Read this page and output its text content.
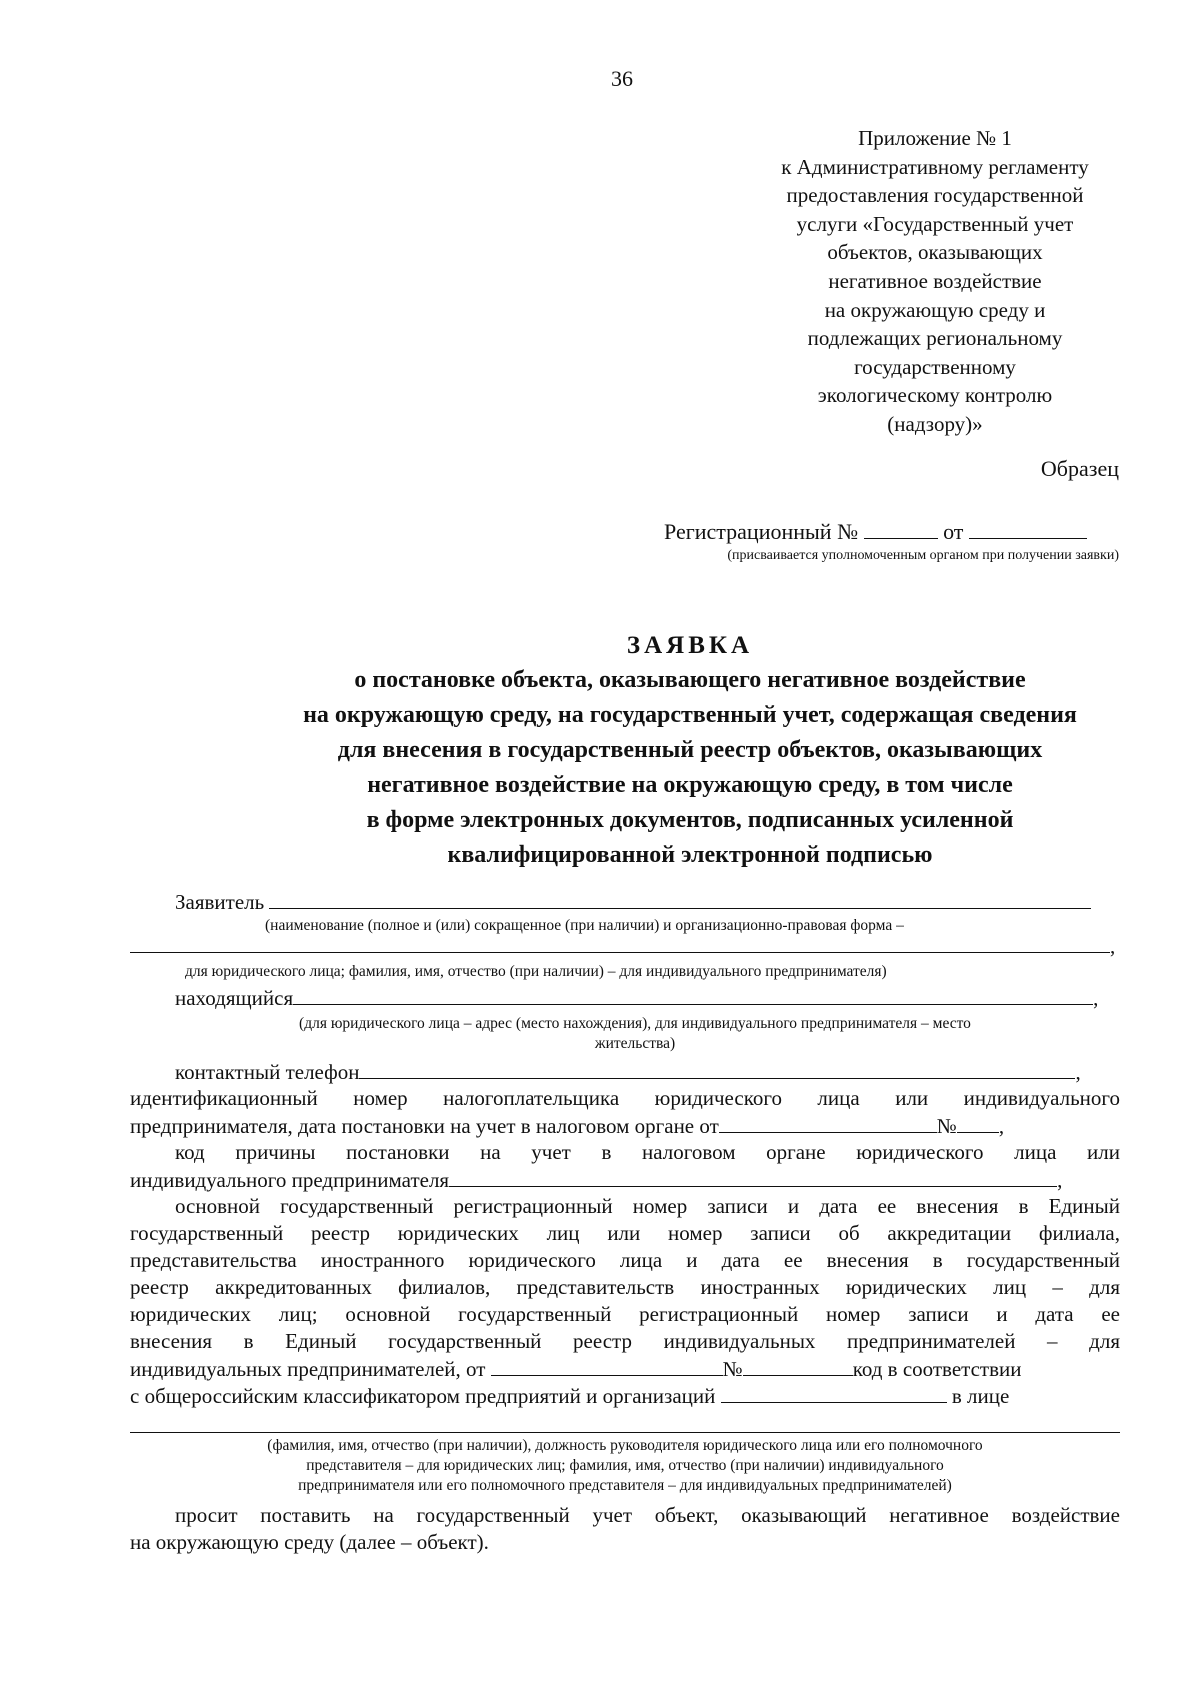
36
Приложение № 1
к Административному регламенту
предоставления государственной
услуги «Государственный учет
объектов, оказывающих
негативное воздействие
на окружающую среду и
подлежащих региональному
государственному
экологическому контролю
(надзору)»
Образец
Регистрационный №	от
(присваивается уполномоченным органом при получении заявки)
ЗАЯВКА
о постановке объекта, оказывающего негативное воздействие
на окружающую среду, на государственный учет, содержащая сведения
для внесения в государственный реестр объектов, оказывающих
негативное воздействие на окружающую среду, в том числе
в форме электронных документов, подписанных усиленной
квалифицированной электронной подписью
Заявитель
(наименование (полное и (или) сокращенное (при наличии) и организационно-правовая форма –
,
для юридического лица; фамилия, имя, отчество (при наличии) – для индивидуального предпринимателя)
находящийся	,
(для юридического лица – адрес (место нахождения), для индивидуального предпринимателя – место
жительства)
контактный телефон	,
идентификационный номер налогоплательщика юридического лица или индивидуального
предпринимателя, дата постановки на учет в налоговом органе от	№ ,
код причины постановки на учет в налоговом органе юридического лица или
индивидуального предпринимателя	,
основной государственный регистрационный номер записи и дата ее внесения в Единый
государственный реестр юридических лиц или номер записи об аккредитации филиала,
представительства иностранного юридического лица и дата ее внесения в государственный
реестр аккредитованных филиалов, представительств иностранных юридических лиц – для
юридических лиц; основной государственный регистрационный номер записи и дата ее
внесения в Единый государственный реестр индивидуальных предпринимателей – для
индивидуальных предпринимателей, от	№	код в соответствии
с общероссийским классификатором предприятий и организаций	в лице
(фамилия, имя, отчество (при наличии), должность руководителя юридического лица или его полномочного
представителя – для юридических лиц; фамилия, имя, отчество (при наличии) индивидуального
предпринимателя или его полномочного представителя – для индивидуальных предпринимателей)
просит поставить на государственный учет объект, оказывающий негативное воздействие
на окружающую среду (далее – объект).
